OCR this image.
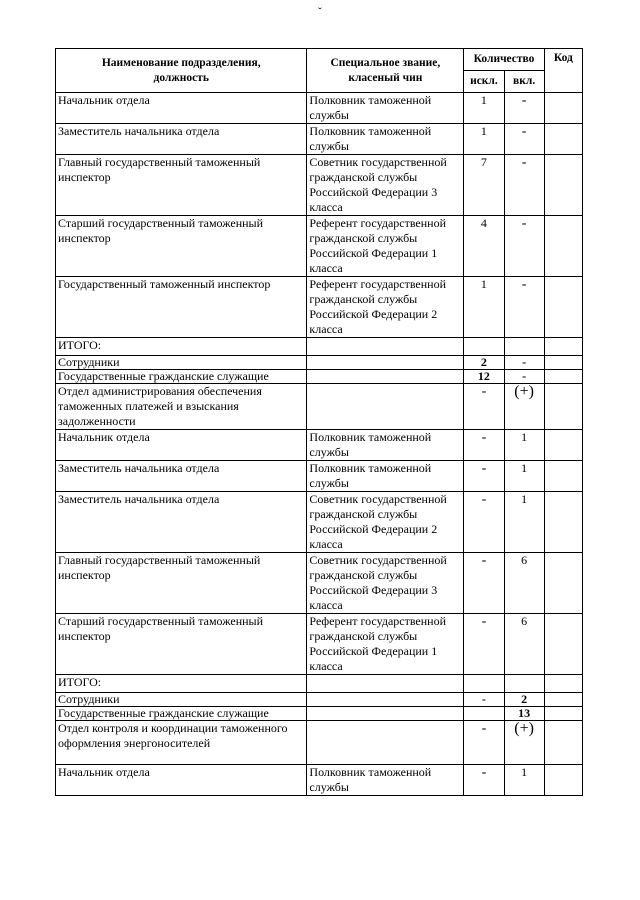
ˇ
Наименование подразделения, должность	Специальное звание, класеный чин	Количество		Код
		искл.	вкл.	
Начальник отдела	Полковник таможенной службы	1	-	
Заместитель начальника отдела	Полковник таможенной службы	1	-	
Главный государственный таможенный инспектор	Советник государственной гражданской службы Российской Федерации 3 класса	7	-	
Старший государственный таможенный инспектор	Референт государственной гражданской службы Российской Федерации 1 класса	4	-	
Государственный таможенный инспектор	Референт государственной гражданской службы Российской Федерации 2 класса	1	-	
ИТОГО:				
Сотрудники		2	-	
Государственные гражданские служащие		12	-	
Отдел администрирования обеспечения таможенных платежей и взыскания задолженности		-	(+)	
Начальник отдела	Полковник таможенной службы	-	1	
Заместитель начальника отдела	Полковник таможенной службы	-	1	
Заместитель начальника отдела	Советник государственной гражданской службы Российской Федерации 2 класса	-	1	
Главный государственный таможенный инспектор	Советник государственной гражданской службы Российской Федерации 3 класса	-	6	
Старший государственный таможенный инспектор	Референт государственной гражданской службы Российской Федерации 1 класса	-	6	
ИТОГО:				
Сотрудники		-	2	
Государственные гражданские служащие			13	
Отдел контроля и координации таможенного оформления энергоносителей		-	(+)	
Начальник отдела	Полковник таможенной службы	-	1	
